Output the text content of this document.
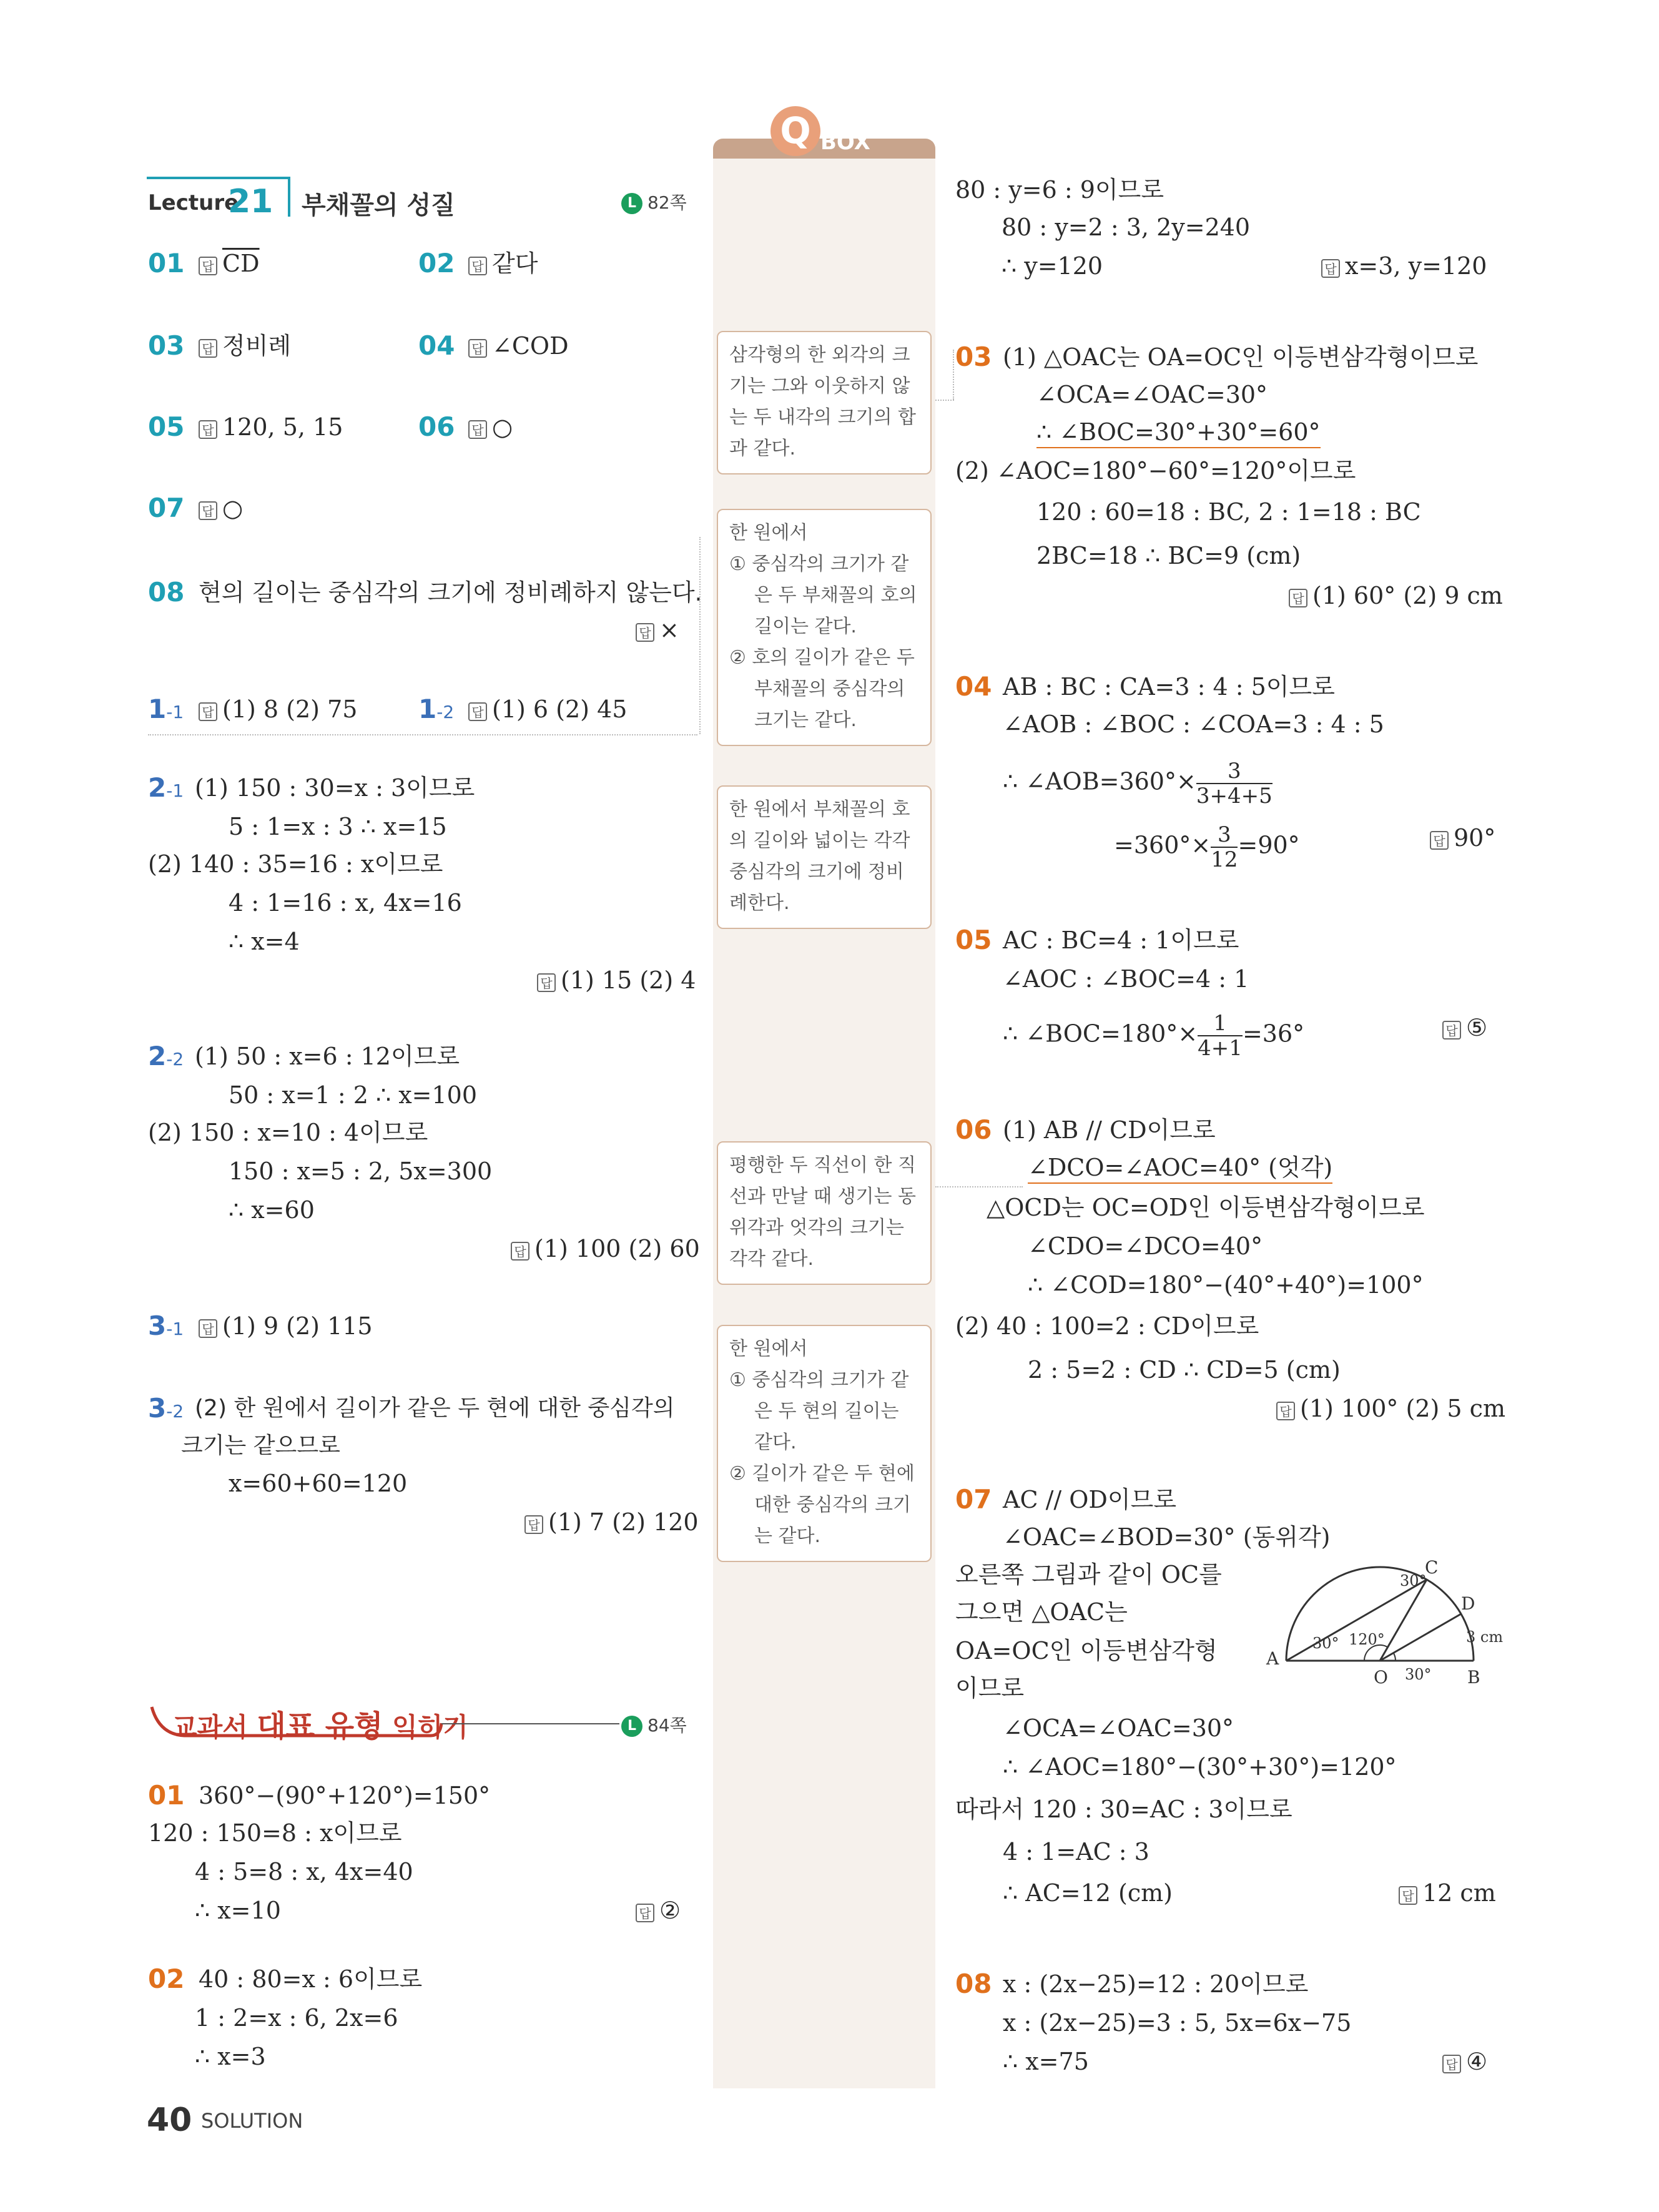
Q BOX
Lecture
21 부채꼴의 성질	L 82쪽
01 답 $\overline{CD}$	02 답 같다
03 답 정비례	04 답 ∠COD
05 답 120, 5, 15	06 답 ○
07 답 ○
08 현의 길이는 중심각의 크기에 정비례하지 않는다.
답 ×
1-1 답 (1) 8 (2) 75 1-2 답 (1) 6 (2) 45
2-1 (1) 150 : 30=x : 3이므로
5 : 1=x : 3 ∴ x=15
(2) 140 : 35=16 : x이므로
4 : 1=16 : x, 4x=16
∴ x=4
답 (1) 15 (2) 4
2-2 (1) 50 : x=6 : 12이므로
50 : x=1 : 2 ∴ x=100
(2) 150 : x=10 : 4이므로
150 : x=5 : 2, 5x=300
∴ x=60
답 (1) 100 (2) 60
3-1 답 (1) 9 (2) 115
3-2 (2) 한 원에서 길이가 같은 두 현에 대한 중심각의
크기는 같으므로
x=60+60=120
답 (1) 7 (2) 120
교과서 대표 유형 익히기	L 84쪽
01 360°−(90°+120°)=150°
120 : 150=8 : x이므로
4 : 5=8 : x, 4x=40
∴ x=10	답 ②
02 40 : 80=x : 6이므로
1 : 2=x : 6, 2x=6
∴ x=3
40 SOLUTION
삼각형의 한 외각의 크
기는 그와 이웃하지 않
는 두 내각의 크기의 합
과 같다.
한 원에서
① 중심각의 크기가 같
은 두 부채꼴의 호의
길이는 같다.
② 호의 길이가 같은 두
부채꼴의 중심각의
크기는 같다.
한 원에서 부채꼴의 호
의 길이와 넓이는 각각
중심각의 크기에 정비
례한다.
평행한 두 직선이 한 직
선과 만날 때 생기는 동
위각과 엇각의 크기는
각각 같다.
한 원에서
① 중심각의 크기가 같
은 두 현의 길이는
같다.
② 길이가 같은 두 현에
대한 중심각의 크기
는 같다.
80 : y=6 : 9이므로
80 : y=2 : 3, 2y=240
∴ y=120	답 x=3, y=120
03 (1) △OAC는 OA=OC인 이등변삼각형이므로
∠OCA=∠OAC=30°
∴ ∠BOC=30°+30°=60°
(2) ∠AOC=180°−60°=120°이므로
120 : 60=18 : BC, 2 : 1=18 : BC
2BC=18 ∴ BC=9 (cm)
답 (1) 60° (2) 9 cm
04 AB : BC : CA=3 : 4 : 5이므로
∠AOB : ∠BOC : ∠COA=3 : 4 : 5
∴ ∠AOB=360°× $\frac{3}{3+4+5}$
$=360^\circ\times \frac{3}{12} =90^\circ$	답 90°
05 AC : BC=4 : 1이므로
∠AOC : ∠BOC=4 : 1
∴ ∠BOC=180°× $\frac{1}{4+1} =36^\circ$	답 ⑤
06 (1) AB // CD이므로
∠DCO=∠AOC=40° (엇각)
△OCD는 OC=OD인 이등변삼각형이므로
∠CDO=∠DCO=40°
∴ ∠COD=180°−(40°+40°)=100°
(2) 40 : 100=2 : CD이므로
2 : 5=2 : CD ∴ CD=5 (cm)
답 (1) 100° (2) 5 cm
07 AC // OD이므로
∠OAC=∠BOD=30° (동위각)
오른쪽 그림과 같이 OC를
그으면 △OAC는
OA=OC인 이등변삼각형
이므로
∠OCA=∠OAC=30°
∴ ∠AOC=180°−(30°+30°)=120°
따라서 120 : 30=AC : 3이므로
4 : 1=AC : 3
∴ AC=12 (cm)	답 12 cm
A
B
C
D
O
30°
30° 120°
30°
3 cm
08 x : (2x−25)=12 : 20이므로
x : (2x−25)=3 : 5, 5x=6x−75
∴ x=75	답 ④
